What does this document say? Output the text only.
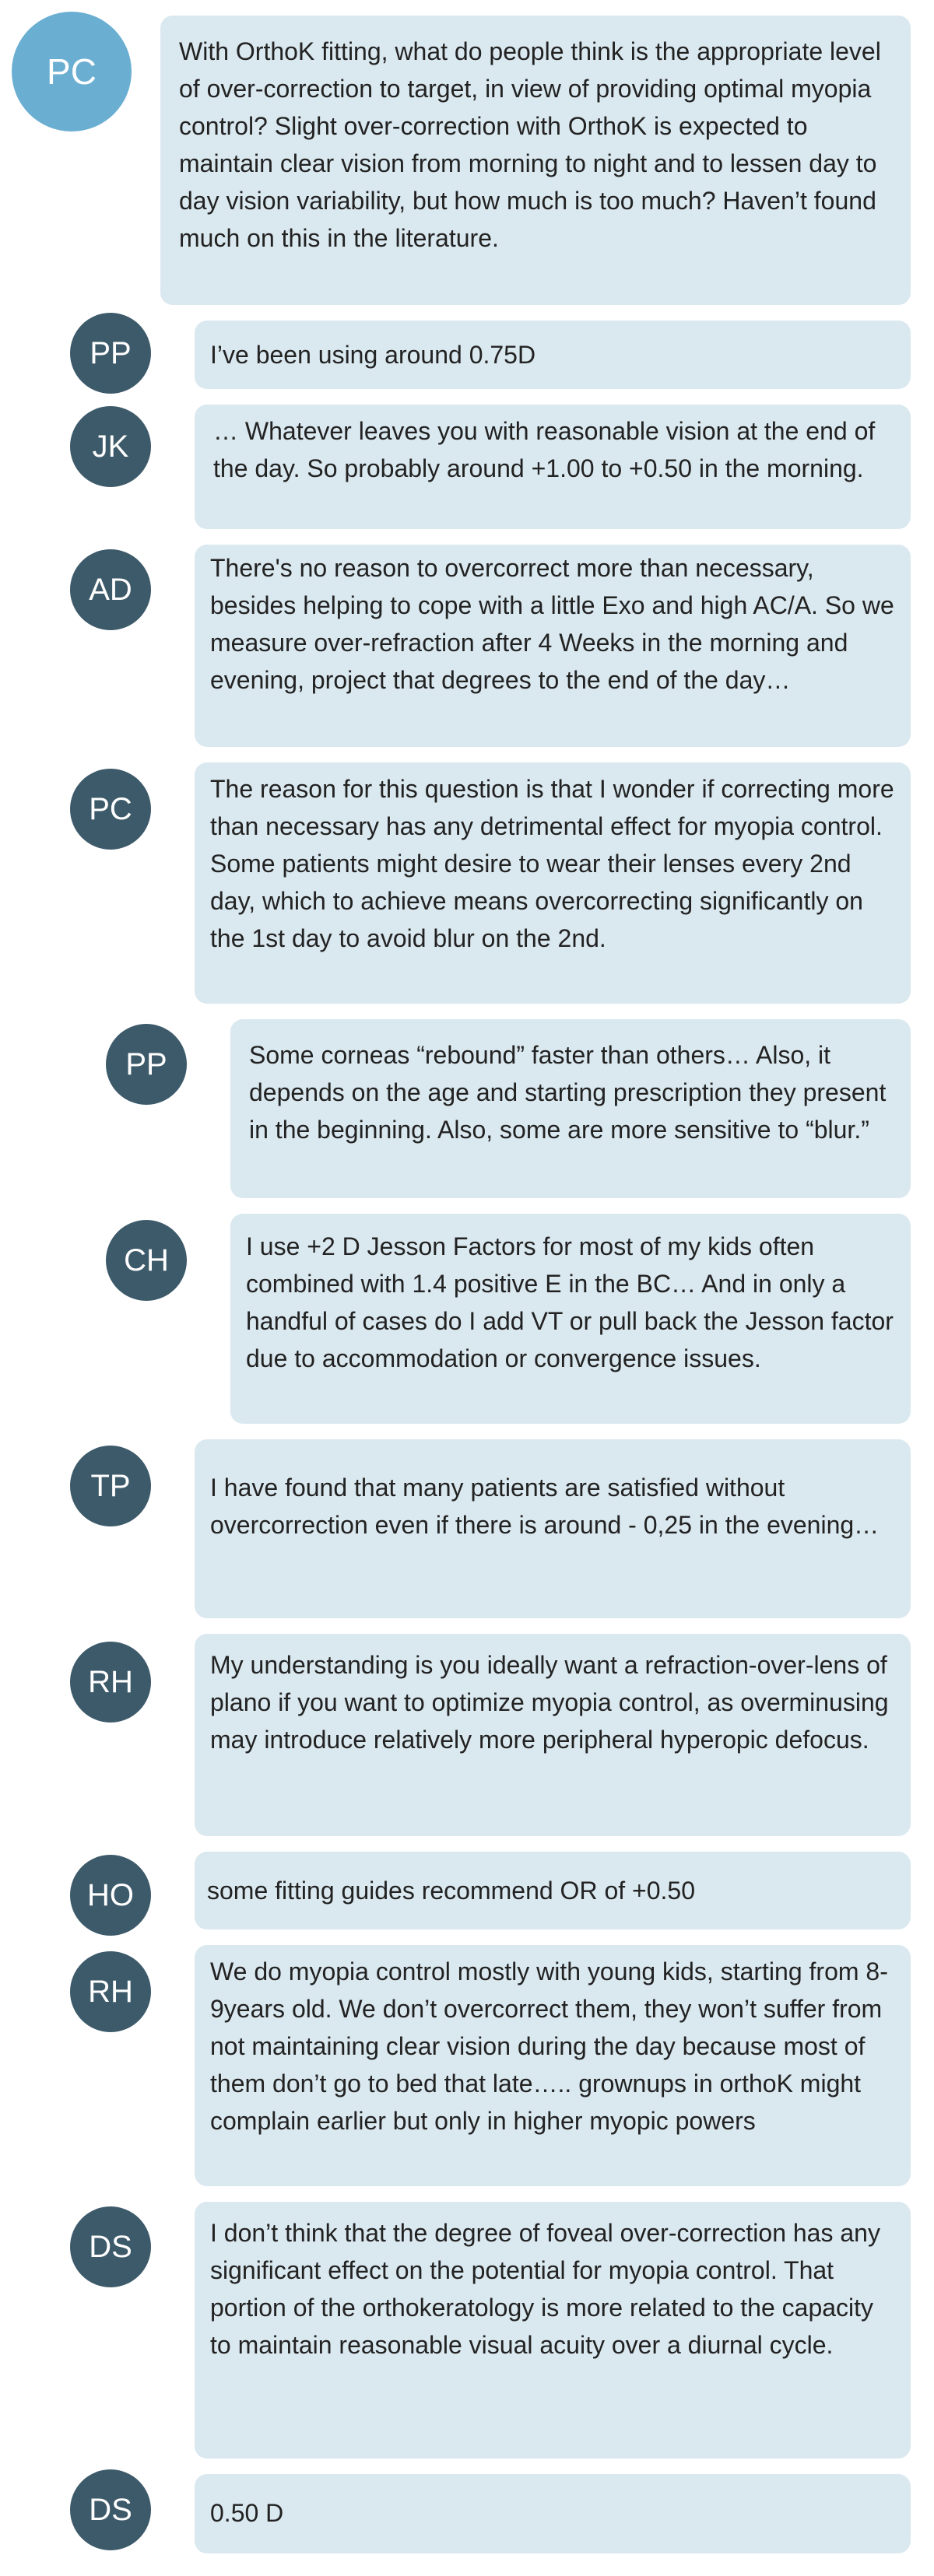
PC	With OrthoK fitting, what do people think is the appropriate level of over-correction to target, in view of providing optimal myopia control? Slight over-correction with OrthoK is expected to maintain clear vision from morning to night and to lessen day to day vision variability, but how much is too much? Haven’t found much on this in the literature.
PP	I’ve been using around 0.75D
JK	… Whatever leaves you with reasonable vision at the end of the day. So probably around +1.00 to +0.50 in the morning.
AD
There's no reason to overcorrect more than necessary, besides helping to cope with a little Exo and high AC/A. So we measure over-refraction after 4 Weeks in the morning and evening, project that degrees to the end of the day…
PC
The reason for this question is that I wonder if correcting more than necessary has any detrimental effect for myopia control. Some patients might desire to wear their lenses every 2nd day, which to achieve means overcorrecting significantly on the 1st day to avoid blur on the 2nd.
PP	Some corneas “rebound” faster than others… Also, it depends on the age and starting prescription they present in the beginning. Also, some are more sensitive to “blur.”
CH	I use +2 D Jesson Factors for most of my kids often combined with 1.4 positive E in the BC… And in only a handful of cases do I add VT or pull back the Jesson factor due to accommodation or convergence issues.
TP	I have found that many patients are satisfied without overcorrection even if there is around - 0,25 in the evening…
RH	My understanding is you ideally want a refraction-over-lens of plano if you want to optimize myopia control, as overminusing may introduce relatively more peripheral hyperopic defocus.
HO	some fitting guides recommend OR of +0.50
RH
We do myopia control mostly with young kids, starting from 8-9years old. We don’t overcorrect them, they won’t suffer from not maintaining clear vision during the day because most of them don’t go to bed that late….. grownups in orthoK might complain earlier but only in higher myopic powers
DS	I don’t think that the degree of foveal over-correction has any significant effect on the potential for myopia control. That portion of the orthokeratology is more related to the capacity to maintain reasonable visual acuity over a diurnal cycle.
DS	0.50 D
